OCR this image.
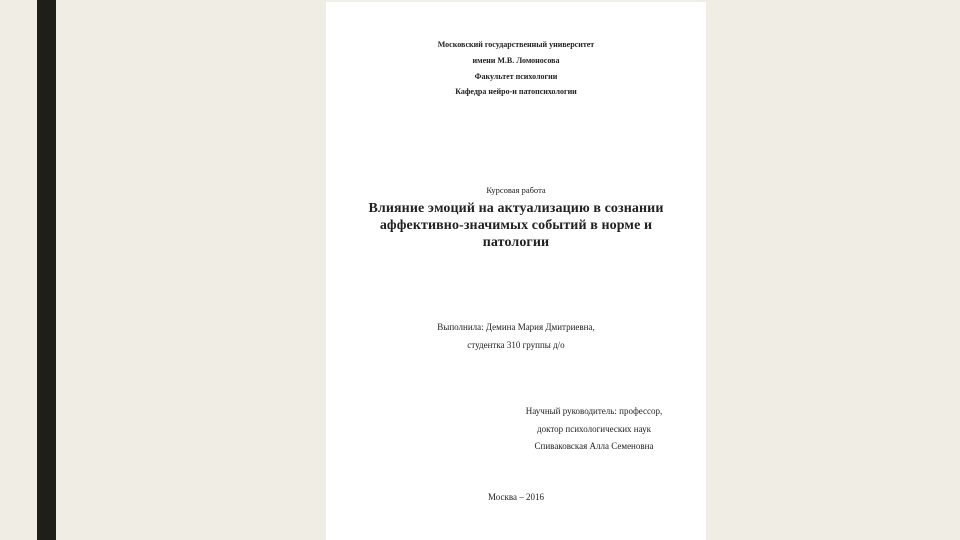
Московский государственный университет
имени М.В. Ломоносова
Факультет психологии
Кафедра нейро-и патопсихологии
Курсовая работа
Влияние эмоций на актуализацию в сознании
аффективно-значимых событий в норме и
патологии
Выполнила: Демина Мария Дмитриевна,
студентка 310 группы д/о
Научный руководитель: профессор,
доктор психологических наук
Спиваковская Алла Семеновна
Москва – 2016
